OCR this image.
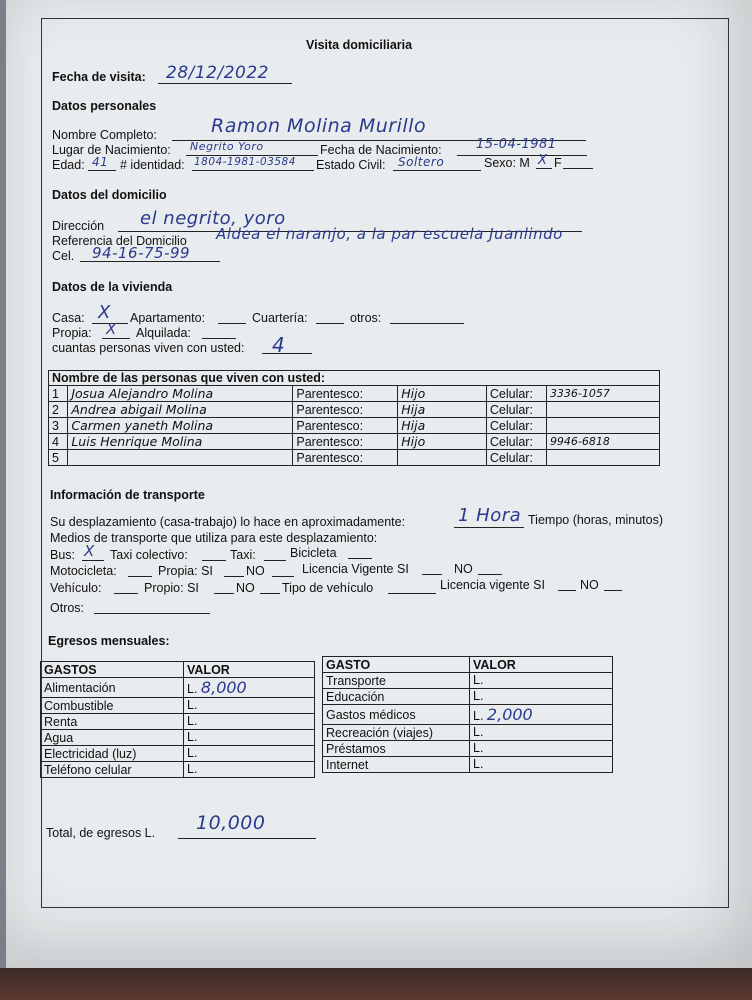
Visita domiciliaria
Fecha de visita: 28/12/2022
Datos personales
Nombre Completo:	Ramon Molina Murillo
Lugar de Nacimiento: Negrito Yoro	Fecha de Nacimiento:	15-04-1981
Edad: 41 # identidad: 1804-1981-03584 Estado Civil: Soltero	Sexo: M X F
Datos del domicilio
Dirección el negrito, yoro
Referencia del Domicilio Aldea el naranjo, a la par escuela Juanlindo
Cel. 94-16-75-99
Datos de la vivienda
Casa: X Apartamento:	Cuartería:	otros:
Propia: X Alquilada:
cuantas personas viven con usted: 4
Nombre de las personas que viven con usted:					
1	Josua Alejandro Molina	Parentesco:	Hijo	Celular:	3336-1057
2	Andrea abigail Molina	Parentesco:	Hija	Celular:	
3	Carmen yaneth Molina	Parentesco:	Hija	Celular:	
4	Luis Henrique Molina	Parentesco:	Hijo	Celular:	9946-6818
5		Parentesco:		Celular:	
Información de transporte
Su desplazamiento (casa-trabajo) lo hace en aproximadamente:	1 Hora Tiempo (horas, minutos)
Medios de transporte que utiliza para este desplazamiento:
Bus: X Taxi colectivo:	Taxi:	Bicicleta
Motocicleta:	Propia: SI	NO	Licencia Vigente SI	NO
Vehículo:	Propio: SI	NO Tipo de vehículo	Licencia vigente SI	NO
Otros:
Egresos mensuales:
GASTOS	VALOR
Alimentación	L. 8,000
Combustible	L.
Renta	L.
Agua	L.
Electricidad (luz)	L.
Teléfono celular	L.
GASTO	VALOR
Transporte	L.
Educación	L.
Gastos médicos	L. 2,000
Recreación (viajes)	L.
Préstamos	L.
Internet	L.
Total, de egresos L. 10,000
